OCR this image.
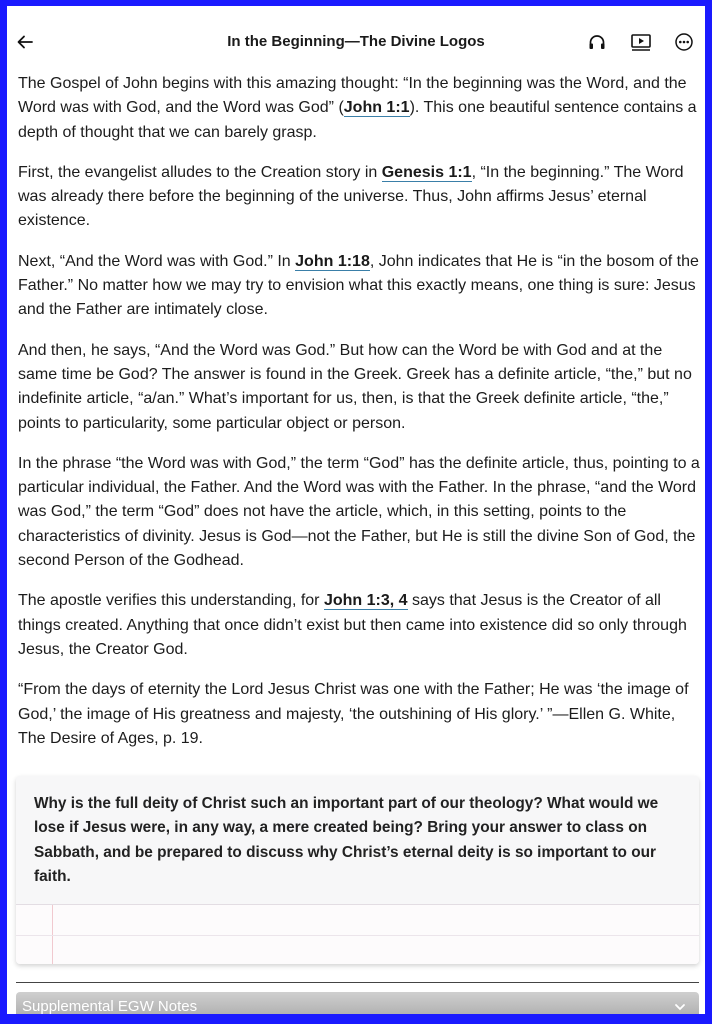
In the Beginning—The Divine Logos

The Gospel of John begins with this amazing thought: “In the beginning was the Word, and the Word was with God, and the Word was God” (John 1:1). This one beautiful sentence contains a depth of thought that we can barely grasp.

First, the evangelist alludes to the Creation story in Genesis 1:1, “In the beginning.” The Word was already there before the beginning of the universe. Thus, John affirms Jesus’ eternal existence.

Next, “And the Word was with God.” In John 1:18, John indicates that He is “in the bosom of the Father.” No matter how we may try to envision what this exactly means, one thing is sure: Jesus and the Father are intimately close.

And then, he says, “And the Word was God.” But how can the Word be with God and at the same time be God? The answer is found in the Greek. Greek has a definite article, “the,” but no indefinite article, “a/an.” What’s important for us, then, is that the Greek definite article, “the,” points to particularity, some particular object or person.

In the phrase “the Word was with God,” the term “God” has the definite article, thus, pointing to a particular individual, the Father. And the Word was with the Father. In the phrase, “and the Word was God,” the term “God” does not have the article, which, in this setting, points to the characteristics of divinity. Jesus is God—not the Father, but He is still the divine Son of God, the second Person of the Godhead.

The apostle verifies this understanding, for John 1:3, 4 says that Jesus is the Creator of all things created. Anything that once didn’t exist but then came into existence did so only through Jesus, the Creator God.

“From the days of eternity the Lord Jesus Christ was one with the Father; He was ‘the image of God,’ the image of His greatness and majesty, ‘the outshining of His glory.’ ”—Ellen G. White, The Desire of Ages, p. 19.

Why is the full deity of Christ such an important part of our theology? What would we lose if Jesus were, in any way, a mere created being? Bring your answer to class on Sabbath, and be prepared to discuss why Christ’s eternal deity is so important to our faith.
Supplemental EGW Notes
